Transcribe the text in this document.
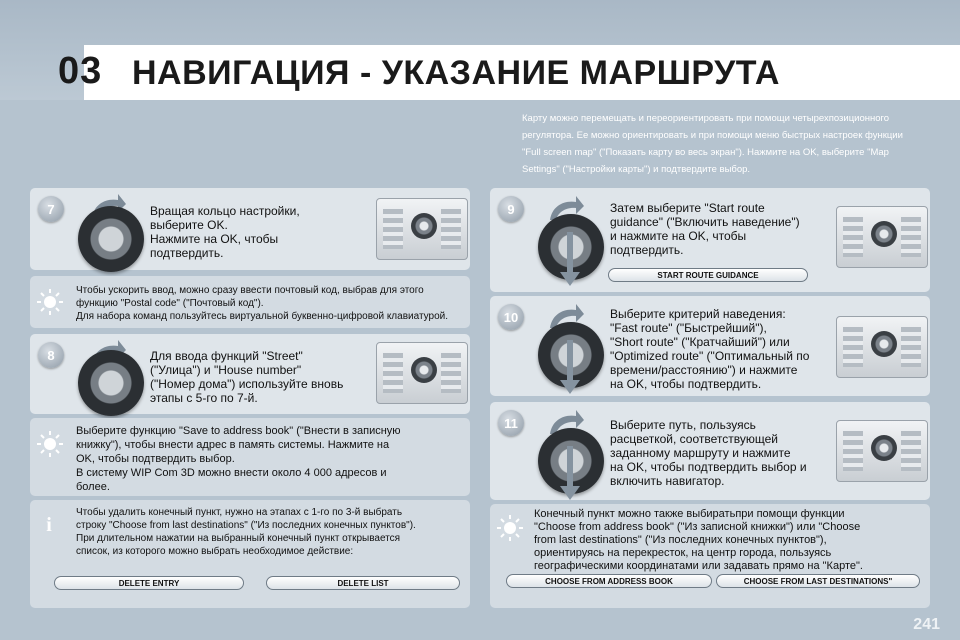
03 НАВИГАЦИЯ - УКАЗАНИЕ МАРШРУТА
Карту можно перемещать и переориентировать при помощи четырехпозиционного регулятора. Ее можно ориентировать и при помощи меню быстрых настроек функции "Full screen map" ("Показать карту во весь экран"). Нажмите на OK, выберите "Map Settings" ("Настройки карты") и подтвердите выбор.
7	Вращая кольцо настройки,
выберите OK.
Нажмите на OK, чтобы
подтвердить.
Чтобы ускорить ввод, можно сразу ввести почтовый код, выбрав для этого
функцию "Postal code" ("Почтовый код").
Для набора команд пользуйтесь виртуальной буквенно-цифровой клавиатурой.
8	Для ввода функций "Street"
("Улица") и "House number"
("Номер дома") используйте вновь
этапы с 5-го по 7-й.
Выберите функцию "Save to address book" ("Внести в записную
книжку"), чтобы внести адрес в память системы. Нажмите на
OK, чтобы подтвердить выбор.
В систему WIP Com 3D можно внести около 4 000 адресов и
более.
i
Чтобы удалить конечный пункт, нужно на этапах с 1-го по 3-й выбрать
строку "Choose from last destinations" ("Из последних конечных пунктов").
При длительном нажатии на выбранный конечный пункт открывается
список, из которого можно выбрать необходимое действие:
DELETE ENTRY	DELETE LIST
9	Затем выберите "Start route
guidance" ("Включить наведение")
и нажмите на OK, чтобы
подтвердить.
START ROUTE GUIDANCE
10	Выберите критерий наведения:
"Fast route" ("Быстрейший"),
"Short route" ("Кратчайший") или
"Optimized route" ("Оптимальный по
времени/расстоянию") и нажмите
на OK, чтобы подтвердить.
11	Выберите путь, пользуясь
расцветкой, соответствующей
заданному маршруту и нажмите
на OK, чтобы подтвердить выбор и
включить навигатор.
Конечный пункт можно также выбиратьпри помощи функции
"Choose from address book" ("Из записной книжки") или "Choose
from last destinations" ("Из последних конечных пунктов"),
ориентируясь на перекресток, на центр города, пользуясь
географическими координатами или задавать прямо на "Карте".
CHOOSE FROM ADDRESS BOOK	CHOOSE FROM LAST DESTINATIONS"
241
